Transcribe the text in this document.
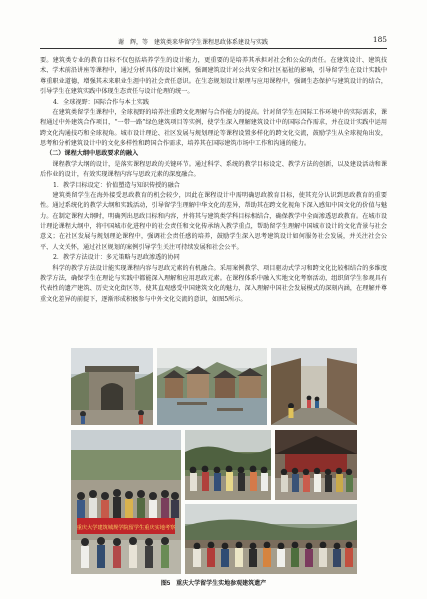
谢　辉，等　 建筑类来华留学生课程思政体系建设与实践	185

要。建筑类专业的教育目标不仅包括培养学生的设计能力，更重要的是培养其承担对社会和公众的责任。在建筑设计、建筑技术、学术前沿讲座等课程中，通过分析具体的设计案例，强调建筑设计对公共安全和社区福祉的影响，引导留学生在设计实践中尊重职业道德，增强其未来职业生涯中的社会责任意识。在生态规划设计原理与应用课程中，强调生态保护与建筑设计的结合，引导学生在建筑实践中体现生态责任与设计伦理的统一。

4．全球视野：国际合作与本土实践

在建筑类留学生课程中，全球视野的培养注重跨文化理解与合作能力的提高。针对留学生在国际工作环境中的实际需求，课程通过中外建筑合作项目，“一带一路”绿色建筑项目等实例，使学生深入理解建筑设计中的国际合作需求，并在设计实践中运用跨文化沟通技巧和全球视角。城市设计理论、社区发展与规划理论等课程设置多样化的跨文化交流，鼓励学生从全球视角出发，思考和分析建筑设计中的文化多样性和跨国合作需求，培养其在国际建筑市场中工作和沟通的能力。

（二）课程大纲中思政要求的融入

课程教学大纲的设计，是落实课程思政的关键环节。通过科学、系统的教学目标设定、教学方法的创新，以及建设活动和课后作业的设计，有效实现课程内容与思政元素的深度融合。

1．教学目标设定：价值塑造与知识传授的融合

建筑类留学生在海外接受思政教育的机会较少，因此在课程设计中需明确思政教育目标，使其充分认识到思政教育的重要性。通过系统化的教学大纲和实践活动，引导留学生理解中华文化的差异，帮助其在跨文化视角下深入感知中国文化的价值与魅力。在制定课程大纲时，明确列出思政目标和内容，并将其与建筑类学科目标相结合，确保教学中全面渗透思政教育。在城市设计理论课程大纲中，将中国城市化进程中的社会责任和文化传承纳入教学重点，帮助留学生理解中国城市设计的文化背景与社会意义；在社区发展与规划理论课程中，强调社会责任感的培养，鼓励学生深入思考建筑设计如何服务社会发展，并关注社会公平、人文关怀，通过社区规划的案例引导学生关注可持续发展和社会公平。

2．教学方法设计：多元策略与思政渗透的协同

科学的教学方法设计能实现课程内容与思政元素的有机融合。采用案例教学、项目驱动式学习和跨文化比较相结合的多维度教学方法，确保学生在理论与实践中都能深入理解和应用思政元素。在课程体系中融入实地文化考察活动，组织留学生参观具有代表性的遗产建筑、历史文化街区等，使其直观感受中国建筑文化的魅力，深入理解中国社会发展模式的深刻内涵，在理解并尊重文化差异的前提下，逐渐形成积极参与中外文化交流的意识，如图5所示。

重庆大学建筑城规学院留学生重庆实地考察
图5　重庆大学留学生实地参观建筑遗产
